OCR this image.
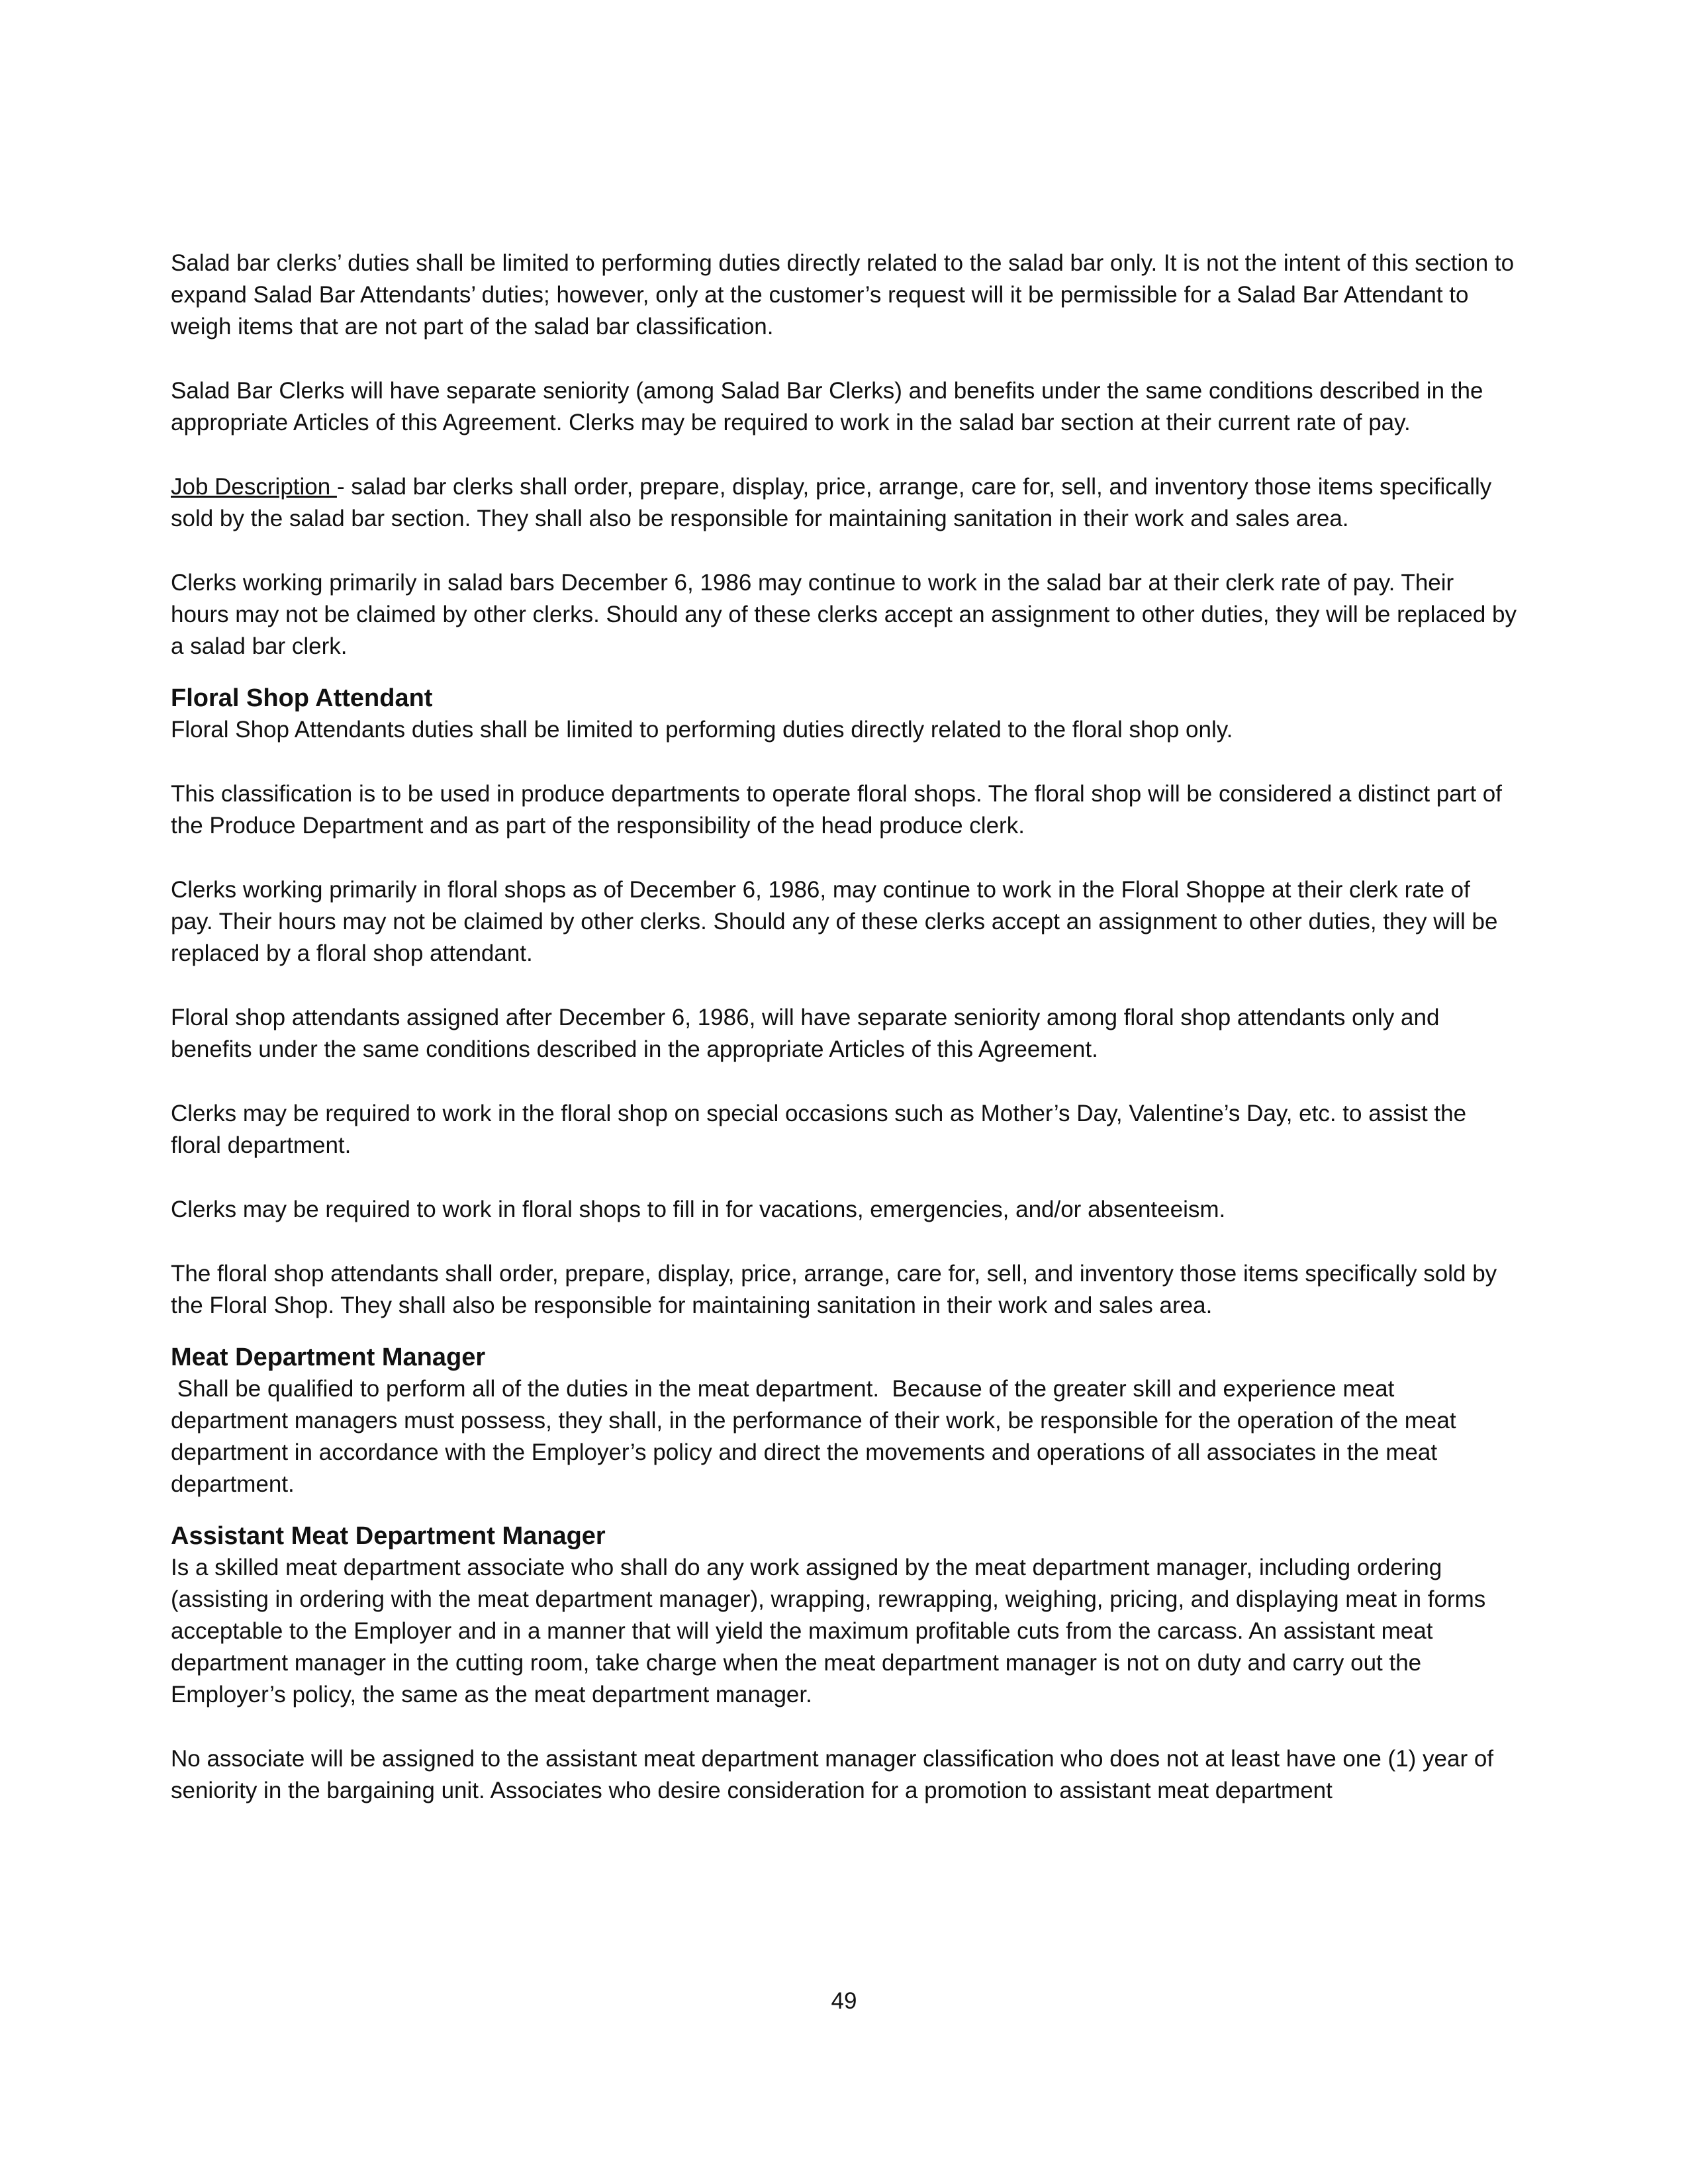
Salad bar clerks’ duties shall be limited to performing duties directly related to the salad bar only. It is not the intent of this section to expand Salad Bar Attendants’ duties; however, only at the customer’s request will it be permissible for a Salad Bar Attendant to weigh items that are not part of the salad bar classification.

Salad Bar Clerks will have separate seniority (among Salad Bar Clerks) and benefits under the same conditions described in the appropriate Articles of this Agreement. Clerks may be required to work in the salad bar section at their current rate of pay.

Job Description - salad bar clerks shall order, prepare, display, price, arrange, care for, sell, and inventory those items specifically sold by the salad bar section. They shall also be responsible for maintaining sanitation in their work and sales area.

Clerks working primarily in salad bars December 6, 1986 may continue to work in the salad bar at their clerk rate of pay. Their hours may not be claimed by other clerks. Should any of these clerks accept an assignment to other duties, they will be replaced by a salad bar clerk.

Floral Shop Attendant

Floral Shop Attendants duties shall be limited to performing duties directly related to the floral shop only.

This classification is to be used in produce departments to operate floral shops. The floral shop will be considered a distinct part of the Produce Department and as part of the responsibility of the head produce clerk.

Clerks working primarily in floral shops as of December 6, 1986, may continue to work in the Floral Shoppe at their clerk rate of pay. Their hours may not be claimed by other clerks. Should any of these clerks accept an assignment to other duties, they will be replaced by a floral shop attendant.

Floral shop attendants assigned after December 6, 1986, will have separate seniority among floral shop attendants only and benefits under the same conditions described in the appropriate Articles of this Agreement.

Clerks may be required to work in the floral shop on special occasions such as Mother’s Day, Valentine’s Day, etc. to assist the floral department.

Clerks may be required to work in floral shops to fill in for vacations, emergencies, and/or absenteeism.

The floral shop attendants shall order, prepare, display, price, arrange, care for, sell, and inventory those items specifically sold by the Floral Shop. They shall also be responsible for maintaining sanitation in their work and sales area.

Meat Department Manager

Shall be qualified to perform all of the duties in the meat department.  Because of the greater skill and experience meat department managers must possess, they shall, in the performance of their work, be responsible for the operation of the meat department in accordance with the Employer’s policy and direct the movements and operations of all associates in the meat department.

Assistant Meat Department Manager

Is a skilled meat department associate who shall do any work assigned by the meat department manager, including ordering (assisting in ordering with the meat department manager), wrapping, rewrapping, weighing, pricing, and displaying meat in forms acceptable to the Employer and in a manner that will yield the maximum profitable cuts from the carcass. An assistant meat department manager in the cutting room, take charge when the meat department manager is not on duty and carry out the Employer’s policy, the same as the meat department manager.

No associate will be assigned to the assistant meat department manager classification who does not at least have one (1) year of seniority in the bargaining unit. Associates who desire consideration for a promotion to assistant meat department

49
